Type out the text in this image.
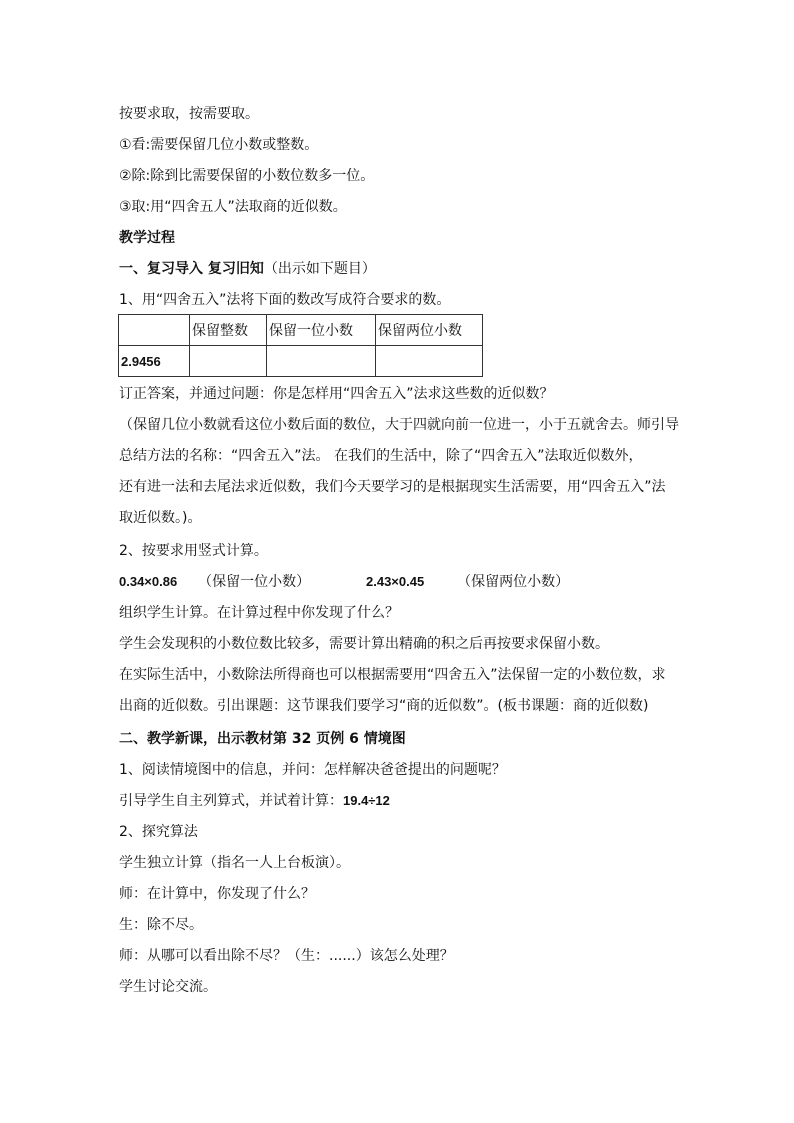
按要求取，按需要取。
①看:需要保留几位小数或整数。
②除:除到比需要保留的小数位数多一位。
③取:用“四舍五人”法取商的近似数。
教学过程
一、复习导入 复习旧知（出示如下题目）
1、用“四舍五入”法将下面的数改写成符合要求的数。
	保留整数	保留一位小数	保留两位小数
2.9456			
订正答案，并通过问题：你是怎样用“四舍五入”法求这些数的近似数？
（保留几位小数就看这位小数后面的数位，大于四就向前一位进一，小于五就舍去。师引导
总结方法的名称：“四舍五入”法。 在我们的生活中，除了“四舍五入”法取近似数外，
还有进一法和去尾法求近似数，我们今天要学习的是根据现实生活需要，用“四舍五入”法
取近似数。)。
2、按要求用竖式计算。
0.34×0.86 （保留一位小数）	2.43×0.45 （保留两位小数）
组织学生计算。在计算过程中你发现了什么？
学生会发现积的小数位数比较多，需要计算出精确的积之后再按要求保留小数。
在实际生活中，小数除法所得商也可以根据需要用“四舍五入”法保留一定的小数位数，求
出商的近似数。引出课题：这节课我们要学习“商的近似数”。(板书课题：商的近似数)
二、教学新课，出示教材第 32 页例 6 情境图
1、阅读情境图中的信息，并问：怎样解决爸爸提出的问题呢？
引导学生自主列算式，并试着计算：19.4÷12
2、探究算法
学生独立计算（指名一人上台板演）。
师：在计算中，你发现了什么？
生：除不尽。
师：从哪可以看出除不尽？（生：......）该怎么处理？
学生讨论交流。
